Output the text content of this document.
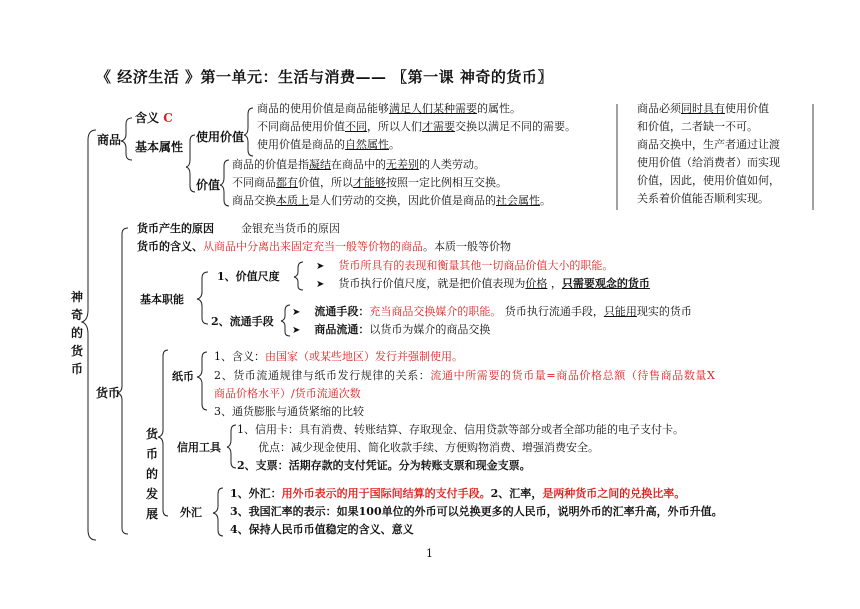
《 经济生活 》第一单元：生活与消费—— 〖第一课 神奇的货币〗
神
奇
的
货
币
商品
含义 C
基本属性
使用价值
价值
商品的使用价值是商品能够满足人们某种需要的属性。
不同商品使用价值不同，所以人们才需要交换以满足不同的需要。
使用价值是商品的自然属性。
商品的价值是指凝结在商品中的无差别的人类劳动。
不同商品都有价值，所以才能够按照一定比例相互交换。
商品交换本质上是人们劳动的交换，因此价值是商品的社会属性。
商品必须同时具有使用价值
和价值，二者缺一不可。
商品交换中，生产者通过让渡
使用价值（给消费者）而实现
价值，因此，使用价值如何，
关系着价值能否顺利实现。
货币
货币产生的原因 金银充当货币的原因
货币的含义、从商品中分离出来固定充当一般等价物的商品。本质一般等价物
基本职能
1、价值尺度
2、流通手段
➤ 货币所具有的表现和衡量其他一切商品价值大小的职能。
➤ 货币执行价值尺度，就是把价值表现为价格 ，只需要观念的货币
➤ 流通手段：充当商品交换媒介的职能。 货币执行流通手段，只能用现实的货币
➤ 商品流通：以货币为媒介的商品交换
货
币
的
发
展
纸币
1、含义：由国家（或某些地区）发行并强制使用。
2、货币流通规律与纸币发行规律的关系：流通中所需要的货币量=商品价格总额（待售商品数量X
商品价格水平）/货币流通次数
3、通货膨胀与通货紧缩的比较
信用工具
1、信用卡：具有消费、转账结算、存取现金、信用贷款等部分或者全部功能的电子支付卡。
优点：减少现金使用、简化收款手续、方便购物消费、增强消费安全。
2、支票：活期存款的支付凭证。分为转账支票和现金支票。
外汇
1、外汇：用外币表示的用于国际间结算的支付手段。2、汇率，是两种货币之间的兑换比率。
3、我国汇率的表示：如果100单位的外币可以兑换更多的人民币，说明外币的汇率升高，外币升值。
4、保持人民币币值稳定的含义、意义
1
